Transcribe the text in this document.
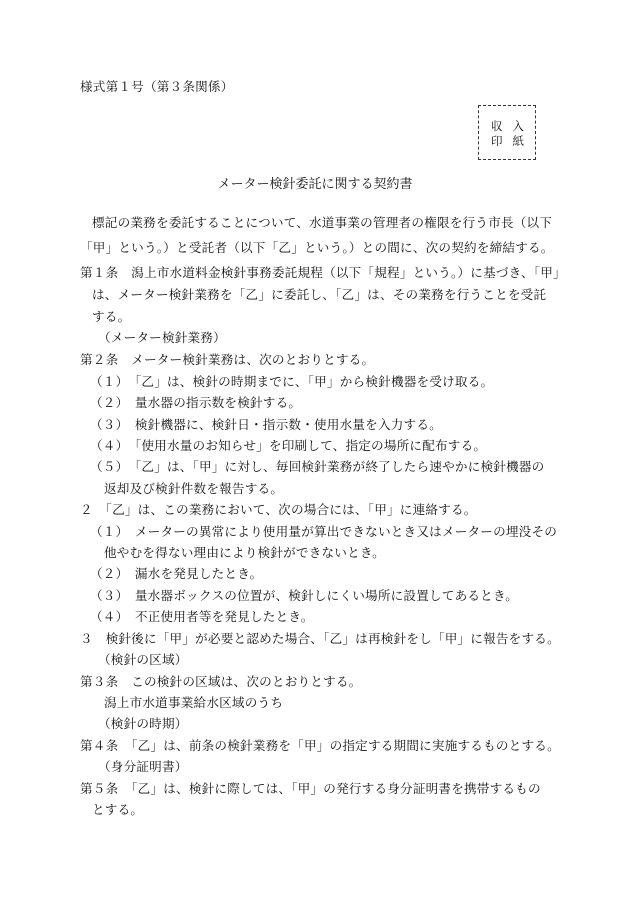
様式第１号（第３条関係）
収入
印紙
メーター検針委託に関する契約書
標記の業務を委託することについて、水道事業の管理者の権限を行う市長（以下
「甲」という。）と受託者（以下「乙」という。）との間に、次の契約を締結する。
第１条　潟上市水道料金検針事務委託規程（以下「規程」という。）に基づき、「甲」
は、メーター検針業務を「乙」に委託し、「乙」は、その業務を行うことを受託
する。
（メーター検針業務）
第２条　メーター検針業務は、次のとおりとする。
（１）　「乙」は、検針の時期までに、「甲」から検針機器を受け取る。
（２）　量水器の指示数を検針する。
（３）　検針機器に、検針日・指示数・使用水量を入力する。
（４）　「使用水量のお知らせ」を印刷して、指定の場所に配布する。
（５）　「乙」は、「甲」に対し、毎回検針業務が終了したら速やかに検針機器の
返却及び検針件数を報告する。
２　「乙」は、この業務において、次の場合には、「甲」に連絡する。
（１）　メーターの異常により使用量が算出できないとき又はメーターの埋没その
他やむを得ない理由により検針ができないとき。
（２）　漏水を発見したとき。
（３）　量水器ボックスの位置が、検針しにくい場所に設置してあるとき。
（４）　不正使用者等を発見したとき。
３　検針後に「甲」が必要と認めた場合、「乙」は再検針をし「甲」に報告をする。
（検針の区域）
第３条　この検針の区域は、次のとおりとする。
潟上市水道事業給水区域のうち
（検針の時期）
第４条　「乙」は、前条の検針業務を「甲」の指定する期間に実施するものとする。
（身分証明書）
第５条　「乙」は、検針に際しては、「甲」の発行する身分証明書を携帯するもの
とする。
